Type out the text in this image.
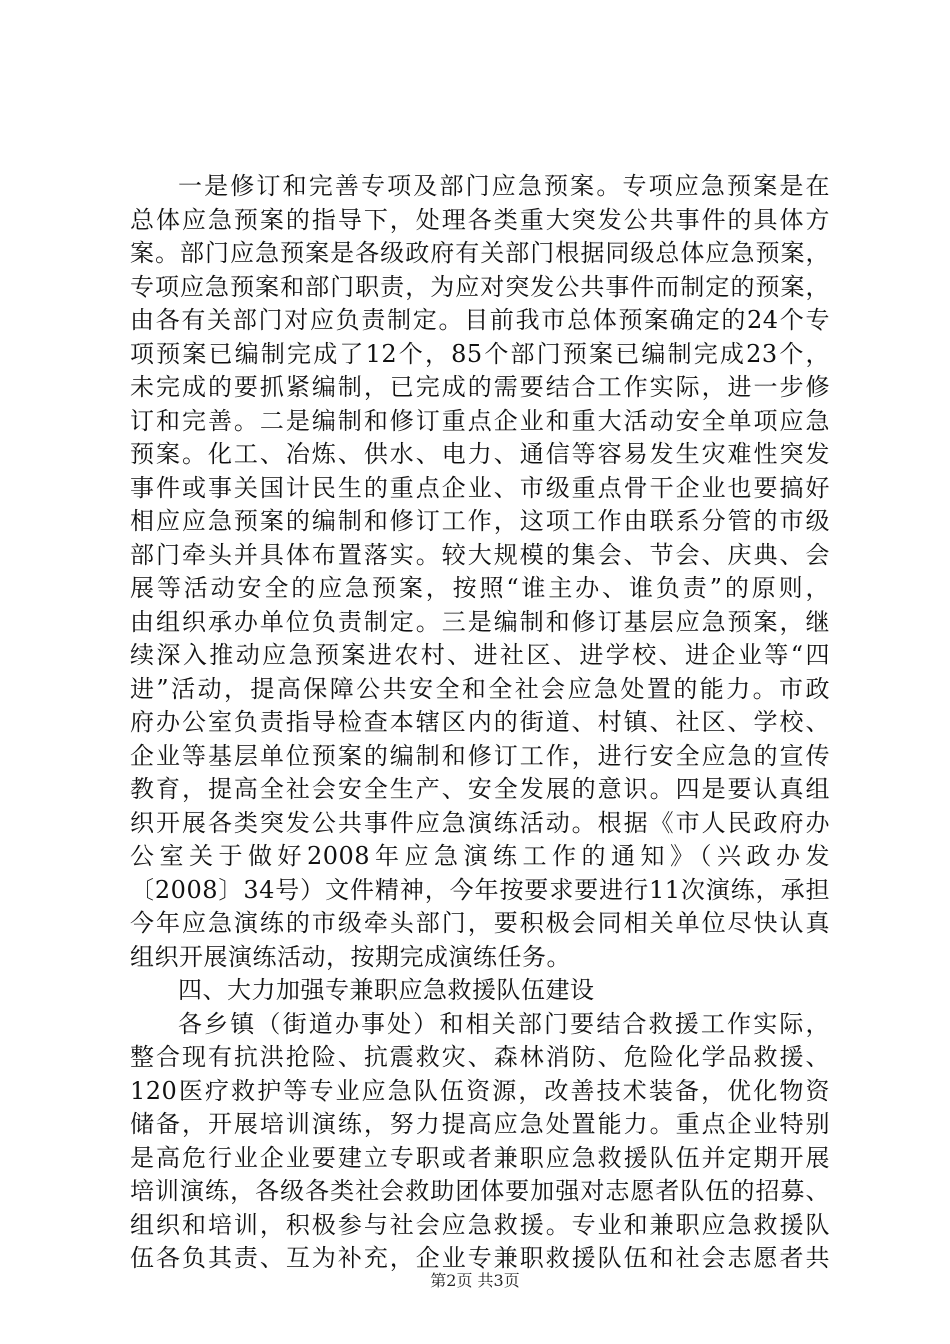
一是修订和完善专项及部门应急预案。专项应急预案是在
总体应急预案的指导下，处理各类重大突发公共事件的具体方
案。部门应急预案是各级政府有关部门根据同级总体应急预案，
专项应急预案和部门职责，为应对突发公共事件而制定的预案，
由各有关部门对应负责制定。目前我市总体预案确定的24个专
项预案已编制完成了12个，85个部门预案已编制完成23个，
未完成的要抓紧编制，已完成的需要结合工作实际，进一步修
订和完善。二是编制和修订重点企业和重大活动安全单项应急
预案。化工、冶炼、供水、电力、通信等容易发生灾难性突发
事件或事关国计民生的重点企业、市级重点骨干企业也要搞好
相应应急预案的编制和修订工作，这项工作由联系分管的市级
部门牵头并具体布置落实。较大规模的集会、节会、庆典、会
展等活动安全的应急预案，按照“谁主办、谁负责”的原则，
由组织承办单位负责制定。三是编制和修订基层应急预案，继
续深入推动应急预案进农村、进社区、进学校、进企业等“四
进”活动，提高保障公共安全和全社会应急处置的能力。市政
府办公室负责指导检查本辖区内的街道、村镇、社区、学校、
企业等基层单位预案的编制和修订工作，进行安全应急的宣传
教育，提高全社会安全生产、安全发展的意识。四是要认真组
织开展各类突发公共事件应急演练活动。根据《市人民政府办
公室关于做好2008年应急演练工作的通知》（兴政办发
〔2008〕34号）文件精神，今年按要求要进行11次演练，承担
今年应急演练的市级牵头部门，要积极会同相关单位尽快认真
组织开展演练活动，按期完成演练任务。
四、大力加强专兼职应急救援队伍建设
各乡镇（街道办事处）和相关部门要结合救援工作实际，
整合现有抗洪抢险、抗震救灾、森林消防、危险化学品救援、
120医疗救护等专业应急队伍资源，改善技术装备，优化物资
储备，开展培训演练，努力提高应急处置能力。重点企业特别
是高危行业企业要建立专职或者兼职应急救援队伍并定期开展
培训演练，各级各类社会救助团体要加强对志愿者队伍的招募、
组织和培训，积极参与社会应急救援。专业和兼职应急救援队
伍各负其责、互为补充，企业专兼职救援队伍和社会志愿者共
第2页 共3页
